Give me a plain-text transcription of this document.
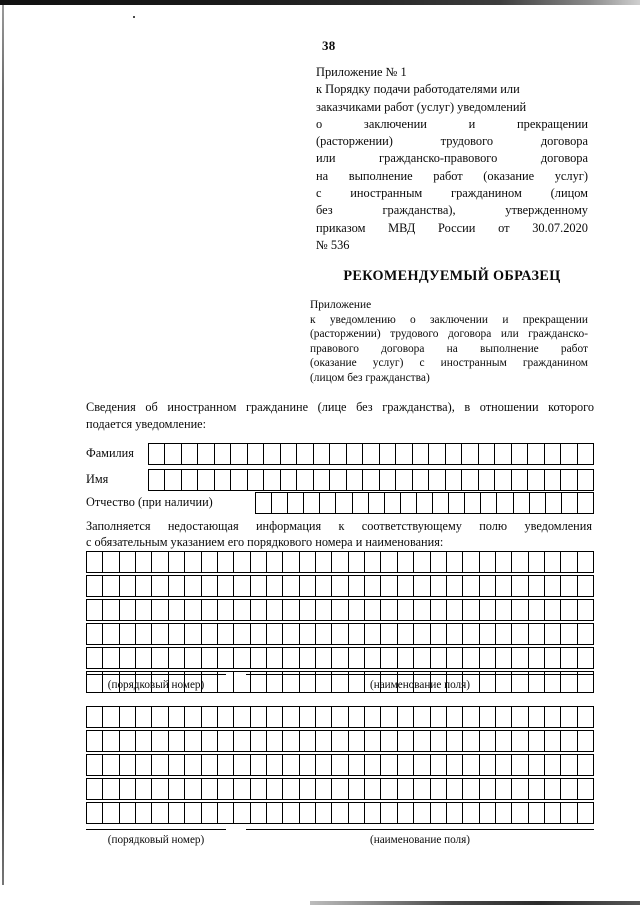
38
Приложение № 1
к Порядку подачи работодателями или
заказчиками работ (услуг) уведомлений
о заключении и прекращении
(расторжении) трудового договора
или гражданско-правового договора
на выполнение работ (оказание услуг)
с иностранным гражданином (лицом
без гражданства), утвержденному
приказом МВД России от 30.07.2020
№ 536
РЕКОМЕНДУЕМЫЙ ОБРАЗЕЦ
Приложение
к уведомлению о заключении и прекращении
(расторжении) трудового договора или гражданско-
правового договора на выполнение работ
(оказание услуг) с иностранным гражданином
(лицом без гражданства)
Сведения об иностранном гражданине (лице без гражданства), в отношении которого
подается уведомление:
Фамилия
Имя
Отчество (при наличии)
Заполняется недостающая информация к соответствующему полю уведомления
с обязательным указанием его порядкового номера и наименования:
(порядковый номер)	(наименование поля)
(порядковый номер)	(наименование поля)
